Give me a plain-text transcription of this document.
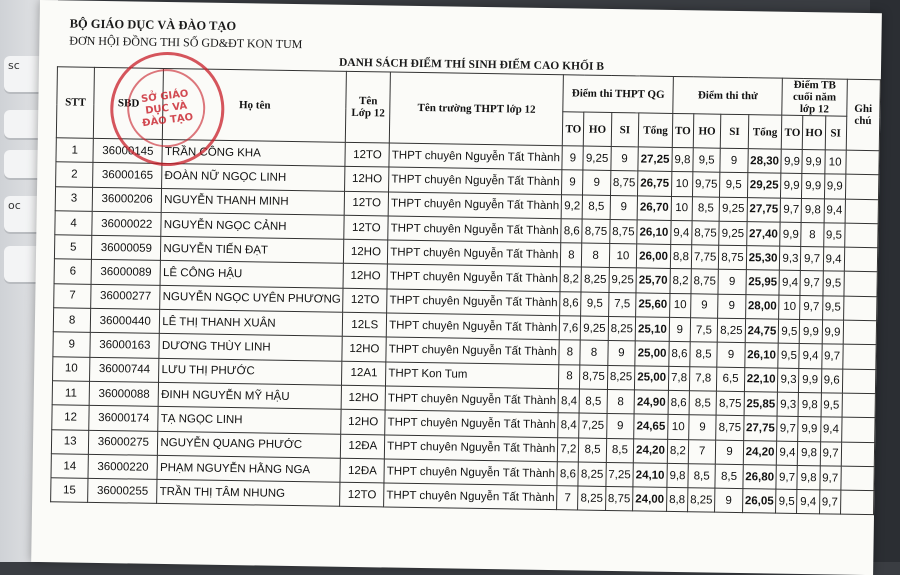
sc
oc
BỘ GIÁO DỤC VÀ ĐÀO TẠO
ĐƠN HỘI ĐỒNG THI SỐ GD&ĐT KON TUM
DANH SÁCH ĐIỂM THÍ SINH ĐIỂM CAO KHỐI B
STT	SBD	Họ tên	Tên Lớp 12	Tên trường THPT lớp 12	Điểm thi THPT QG				Điểm thi thử				Điểm TB cuối năm lớp 12			Ghi chú
					TO	HO	SI	Tổng	TO	HO	SI	Tổng	TO	HO	SI	
1	36000145	TRẦN CÔNG KHA	12TO	THPT chuyên Nguyễn Tất Thành	9	9,25	9	27,25	9,8	9,5	9	28,30	9,9	9,9	10	
2	36000165	ĐOÀN NỮ NGỌC LINH	12HO	THPT chuyên Nguyễn Tất Thành	9	9	8,75	26,75	10	9,75	9,5	29,25	9,9	9,9	9,9	
3	36000206	NGUYỄN THANH MINH	12TO	THPT chuyên Nguyễn Tất Thành	9,2	8,5	9	26,70	10	8,5	9,25	27,75	9,7	9,8	9,4	
4	36000022	NGUYỄN NGỌC CẢNH	12TO	THPT chuyên Nguyễn Tất Thành	8,6	8,75	8,75	26,10	9,4	8,75	9,25	27,40	9,9	8	9,5	
5	36000059	NGUYỄN TIẾN ĐẠT	12HO	THPT chuyên Nguyễn Tất Thành	8	8	10	26,00	8,8	7,75	8,75	25,30	9,3	9,7	9,4	
6	36000089	LÊ CÔNG HẬU	12HO	THPT chuyên Nguyễn Tất Thành	8,2	8,25	9,25	25,70	8,2	8,75	9	25,95	9,4	9,7	9,5	
7	36000277	NGUYỄN NGỌC UYÊN PHƯƠNG	12TO	THPT chuyên Nguyễn Tất Thành	8,6	9,5	7,5	25,60	10	9	9	28,00	10	9,7	9,5	
8	36000440	LÊ THỊ THANH XUÂN	12LS	THPT chuyên Nguyễn Tất Thành	7,6	9,25	8,25	25,10	9	7,5	8,25	24,75	9,5	9,9	9,9	
9	36000163	DƯƠNG THÙY LINH	12HO	THPT chuyên Nguyễn Tất Thành	8	8	9	25,00	8,6	8,5	9	26,10	9,5	9,4	9,7	
10	36000744	LƯU THỊ PHƯỚC	12A1	THPT Kon Tum	8	8,75	8,25	25,00	7,8	7,8	6,5	22,10	9,3	9,9	9,6	
11	36000088	ĐINH NGUYỄN MỸ HẬU	12HO	THPT chuyên Nguyễn Tất Thành	8,4	8,5	8	24,90	8,6	8,5	8,75	25,85	9,3	9,8	9,5	
12	36000174	TẠ NGỌC LINH	12HO	THPT chuyên Nguyễn Tất Thành	8,4	7,25	9	24,65	10	9	8,75	27,75	9,7	9,9	9,4	
13	36000275	NGUYỄN QUANG PHƯỚC	12ĐA	THPT chuyên Nguyễn Tất Thành	7,2	8,5	8,5	24,20	8,2	7	9	24,20	9,4	9,8	9,7	
14	36000220	PHẠM NGUYỄN HẰNG NGA	12ĐA	THPT chuyên Nguyễn Tất Thành	8,6	8,25	7,25	24,10	9,8	8,5	8,5	26,80	9,7	9,8	9,7	
15	36000255	TRẦN THỊ TÂM NHUNG	12TO	THPT chuyên Nguyễn Tất Thành	7	8,25	8,75	24,00	8,8	8,25	9	26,05	9,5	9,4	9,7	
SỞ GIÁO DỤC VÀ ĐÀO TẠO
